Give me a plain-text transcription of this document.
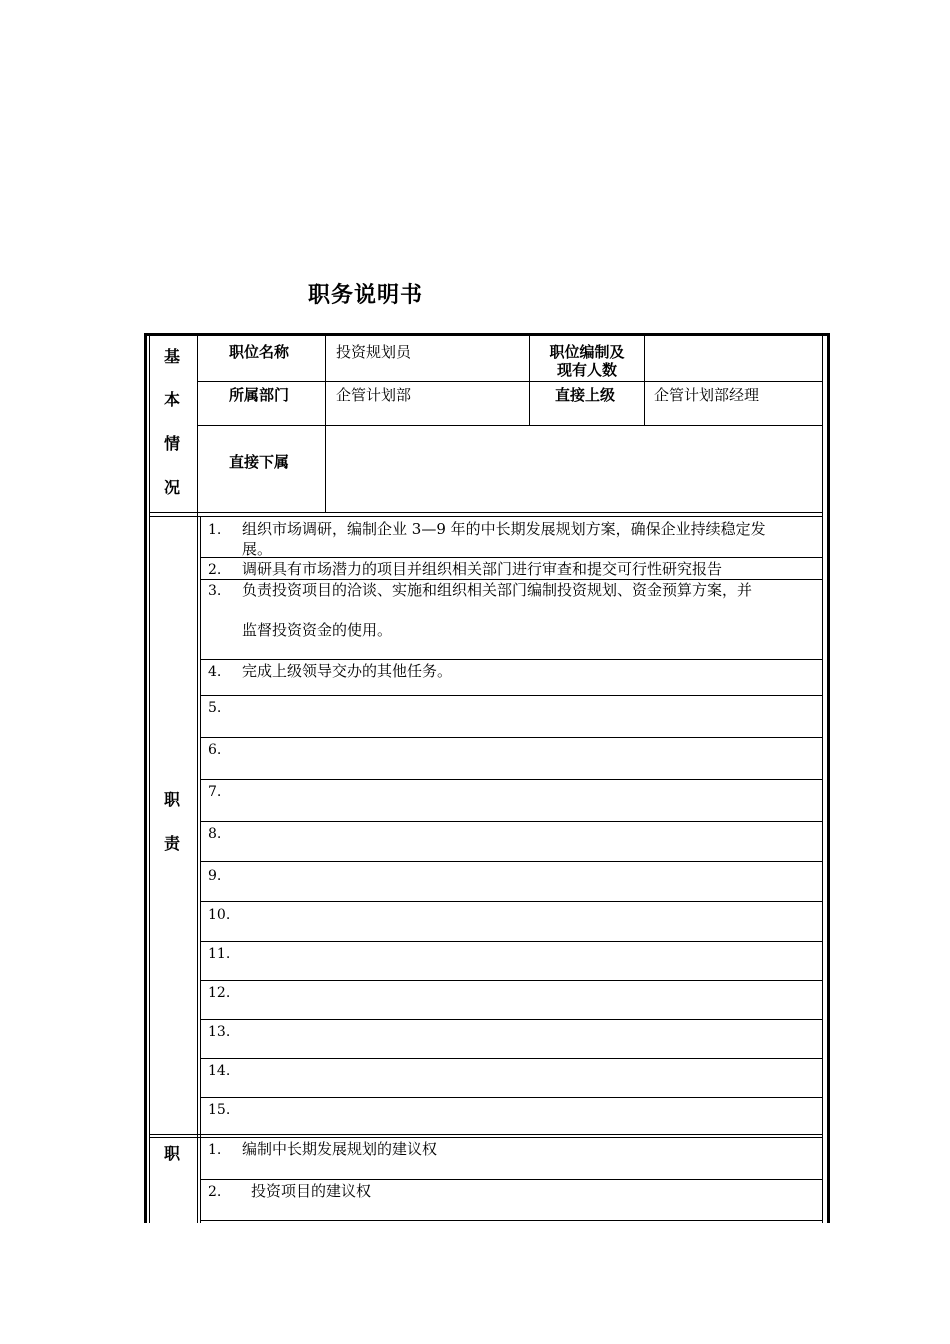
职务说明书
基
本
情
况
职位名称	投资规划员	职位编制及
现有人数
所属部门	企管计划部	直接上级	企管计划部经理
直接下属
职
责
1. 组织市场调研，编制企业 3—9 年的中长期发展规划方案，确保企业持续稳定发
展。
2. 调研具有市场潜力的项目并组织相关部门进行审查和提交可行性研究报告
3. 负责投资项目的洽谈、实施和组织相关部门编制投资规划、资金预算方案，并
监督投资资金的使用。
4. 完成上级领导交办的其他任务。
5.
6.
7.
8.
9.
10.
11.
12.
13.
14.
15.
职 1. 编制中长期发展规划的建议权
2. 投资项目的建议权
